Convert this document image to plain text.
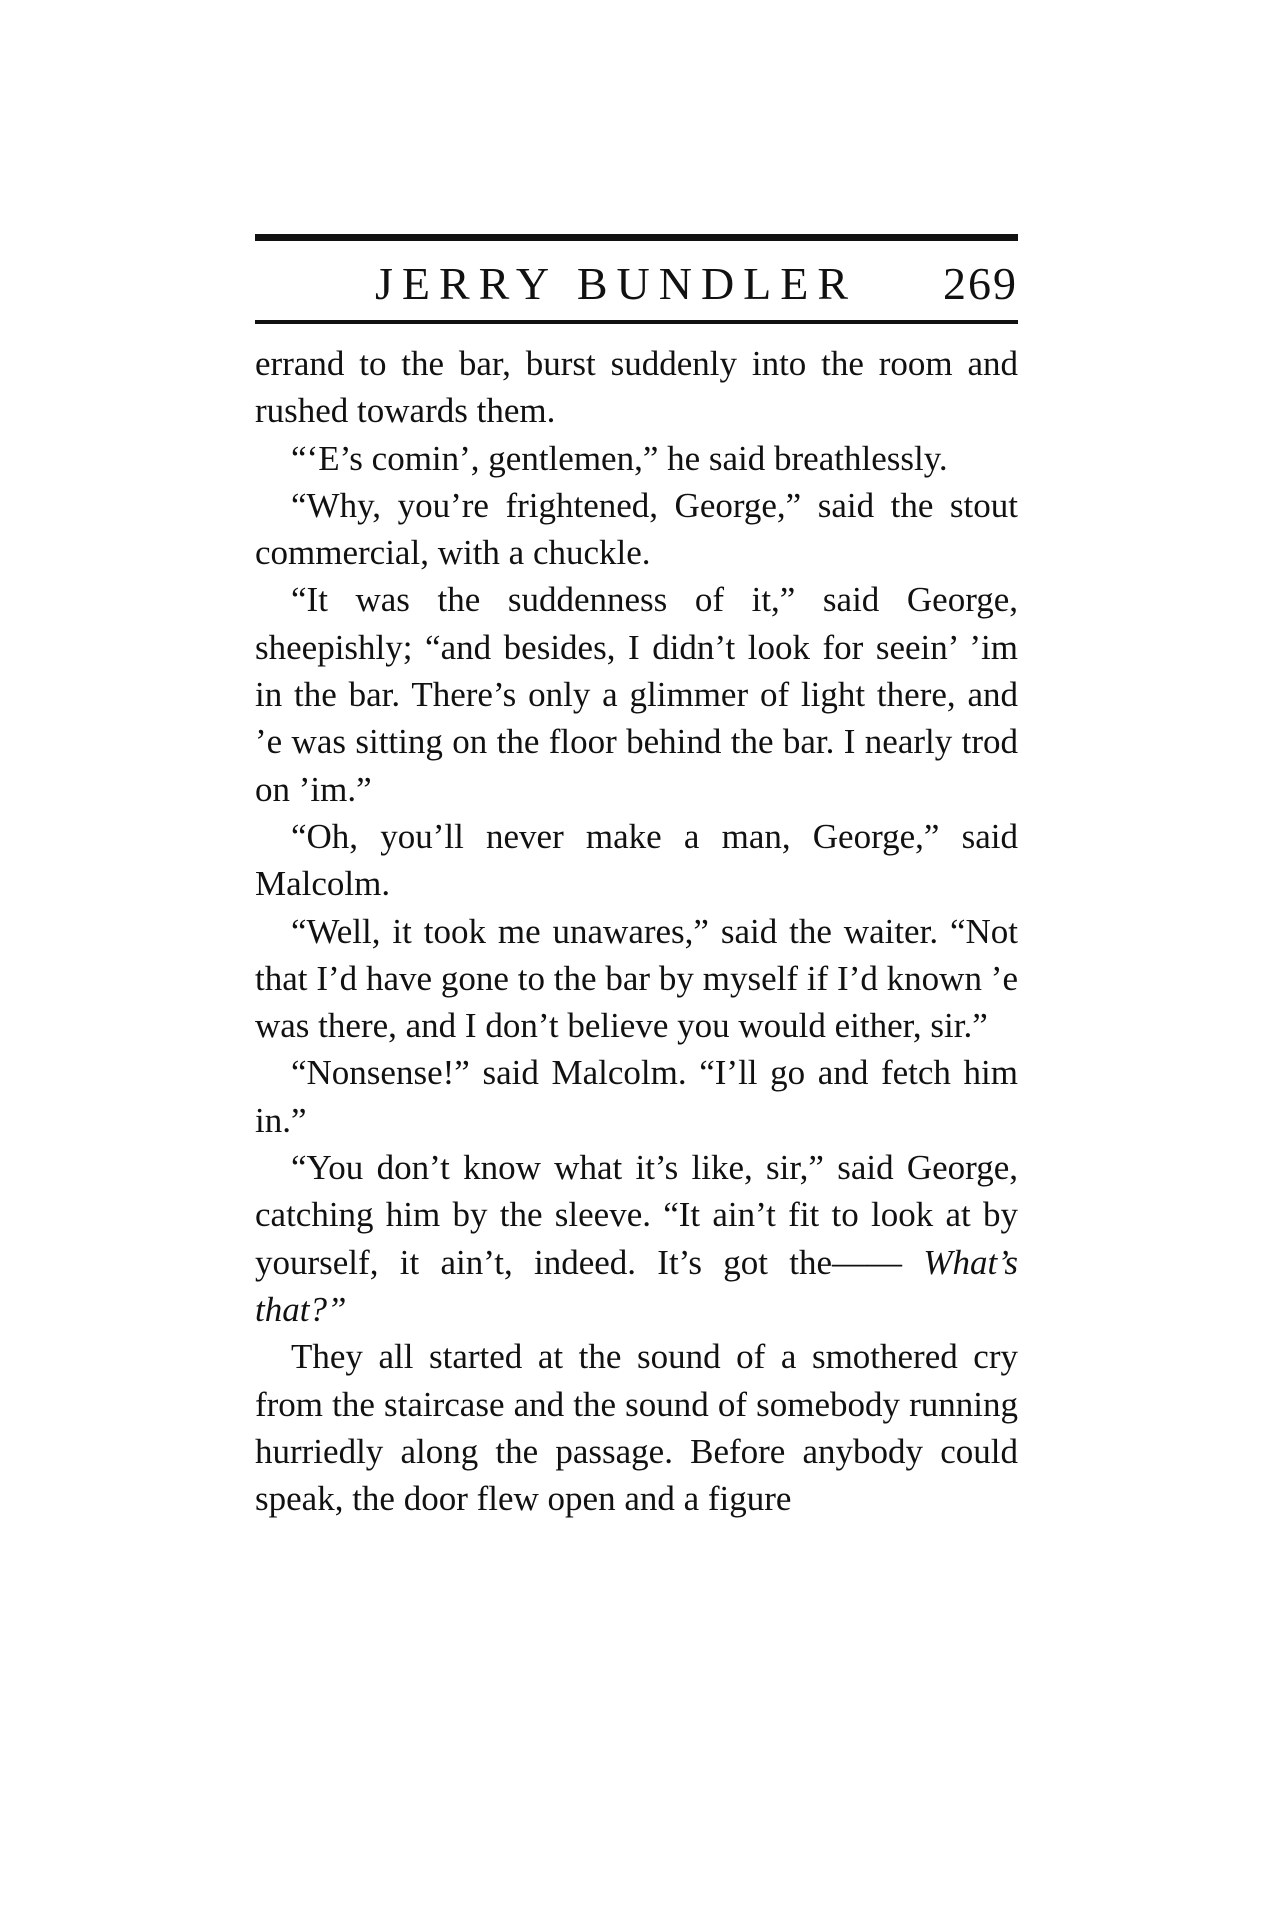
JERRY BUNDLER 269

errand to the bar, burst suddenly into the room and rushed towards them.

“‘E’s comin’, gentlemen,” he said breathlessly.

“Why, you’re frightened, George,” said the stout commercial, with a chuckle.

“It was the suddenness of it,” said George, sheepishly; “and besides, I didn’t look for seein’ ’im in the bar. There’s only a glimmer of light there, and ’e was sitting on the floor behind the bar. I nearly trod on ’im.”

“Oh, you’ll never make a man, George,” said Malcolm.

“Well, it took me unawares,” said the waiter. “Not that I’d have gone to the bar by myself if I’d known ’e was there, and I don’t believe you would either, sir.”

“Nonsense!” said Malcolm. “I’ll go and fetch him in.”

“You don’t know what it’s like, sir,” said George, catching him by the sleeve. “It ain’t fit to look at by yourself, it ain’t, indeed. It’s got the—— What’s that?”

They all started at the sound of a smothered cry from the staircase and the sound of somebody running hurriedly along the passage. Before anybody could speak, the door flew open and a figure
